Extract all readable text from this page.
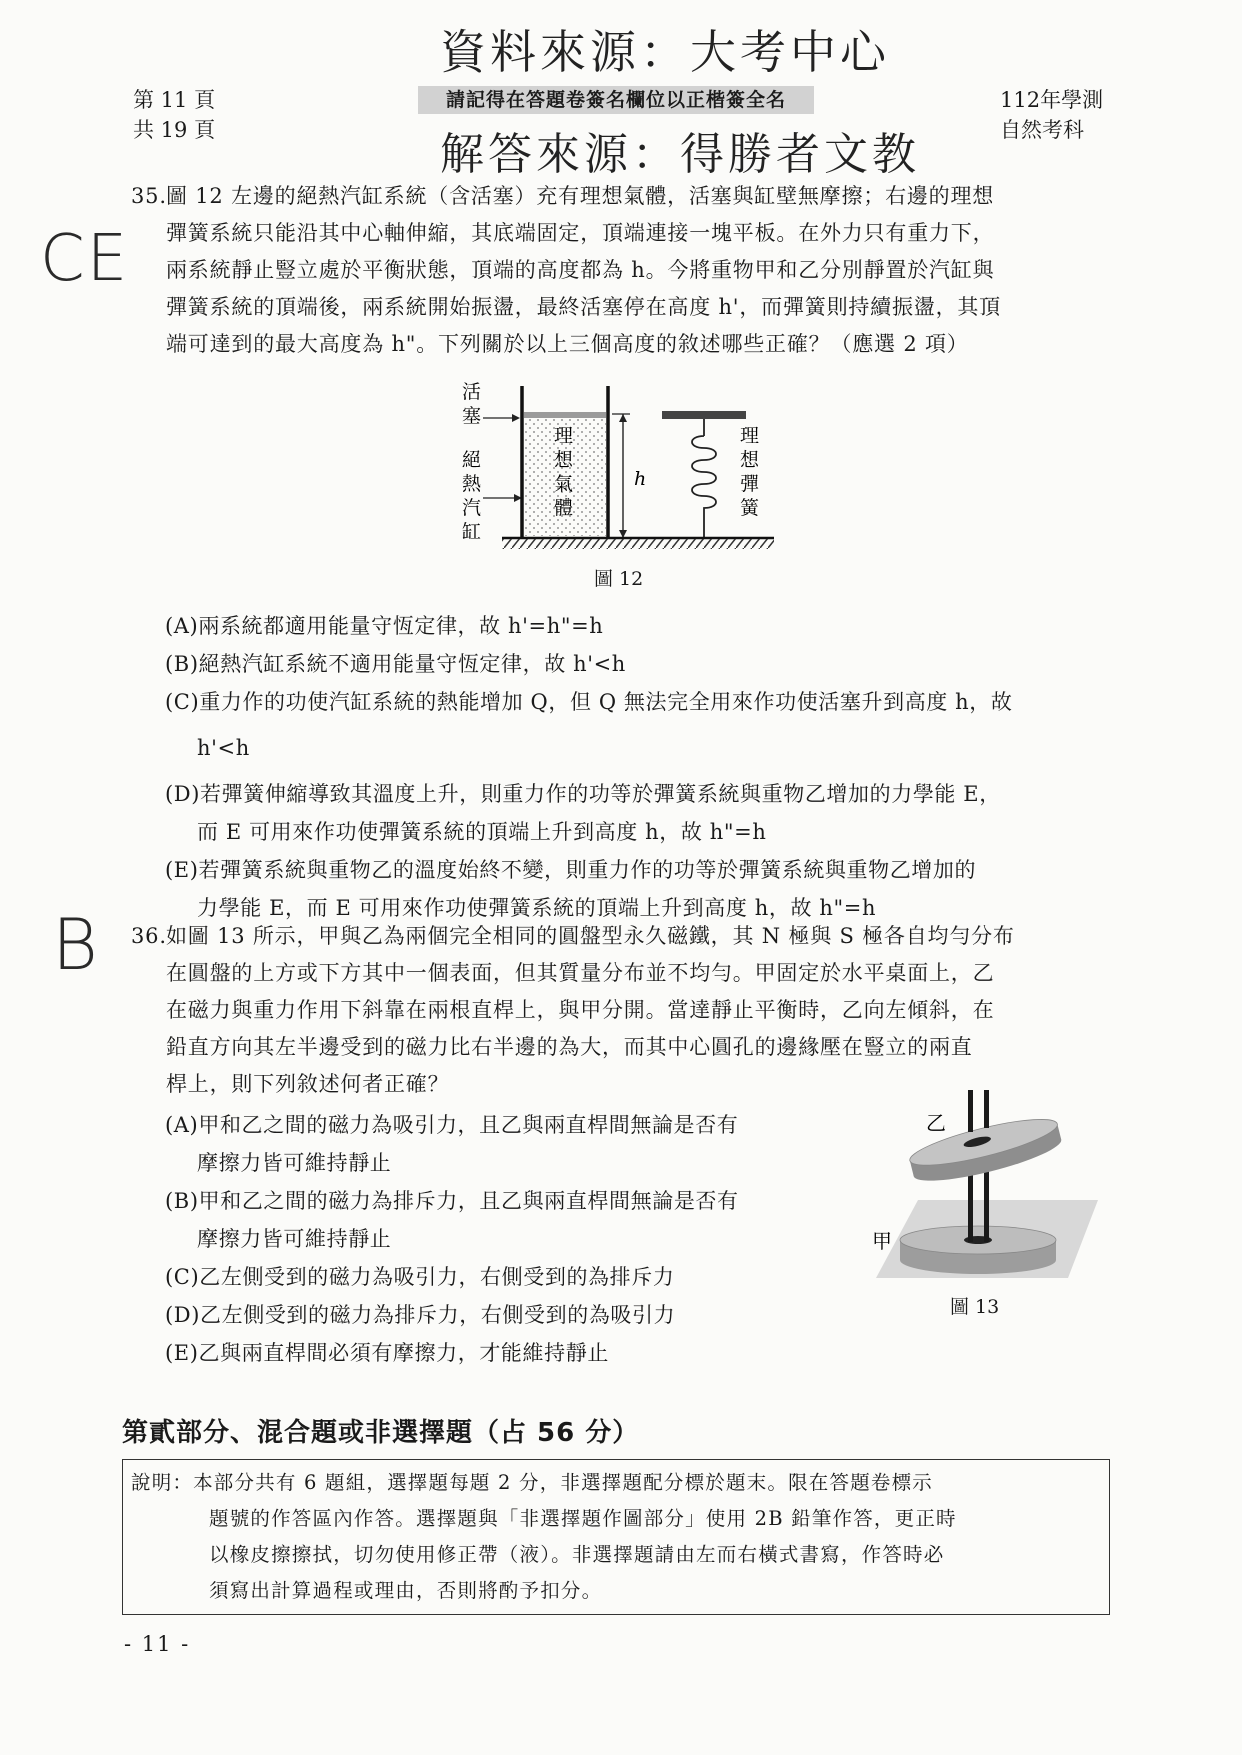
第 11 頁
共 19 頁
請記得在答題卷簽名欄位以正楷簽全名	112年學測
自然考科
資料來源：大考中心
解答來源：得勝者文教
CE
B
35. 圖 12 左邊的絕熱汽缸系統（含活塞）充有理想氣體，活塞與缸壁無摩擦；右邊的理想
彈簧系統只能沿其中心軸伸縮，其底端固定，頂端連接一塊平板。在外力只有重力下，
兩系統靜止豎立處於平衡狀態，頂端的高度都為 h。今將重物甲和乙分別靜置於汽缸與
彈簧系統的頂端後，兩系統開始振盪，最終活塞停在高度 h'，而彈簧則持續振盪，其頂
端可達到的最大高度為 h"。下列關於以上三個高度的敘述哪些正確？（應選 2 項）
活
塞
絕
熱
汽
缸
理
想
氣
體
h
理
想
彈
簧
圖 12
(A)兩系統都適用能量守恆定律，故 h'=h"=h
(B)絕熱汽缸系統不適用能量守恆定律，故 h'<h
(C)重力作的功使汽缸系統的熱能增加 Q，但 Q 無法完全用來作功使活塞升到高度 h，故
h'<h
(D)若彈簧伸縮導致其溫度上升，則重力作的功等於彈簧系統與重物乙增加的力學能 E，
而 E 可用來作功使彈簧系統的頂端上升到高度 h，故 h"=h
(E)若彈簧系統與重物乙的溫度始終不變，則重力作的功等於彈簧系統與重物乙增加的
力學能 E，而 E 可用來作功使彈簧系統的頂端上升到高度 h，故 h"=h
36. 如圖 13 所示，甲與乙為兩個完全相同的圓盤型永久磁鐵，其 N 極與 S 極各自均勻分布
在圓盤的上方或下方其中一個表面，但其質量分布並不均勻。甲固定於水平桌面上，乙
在磁力與重力作用下斜靠在兩根直桿上，與甲分開。當達靜止平衡時，乙向左傾斜，在
鉛直方向其左半邊受到的磁力比右半邊的為大，而其中心圓孔的邊緣壓在豎立的兩直
桿上，則下列敘述何者正確？
(A)甲和乙之間的磁力為吸引力，且乙與兩直桿間無論是否有
摩擦力皆可維持靜止
(B)甲和乙之間的磁力為排斥力，且乙與兩直桿間無論是否有
摩擦力皆可維持靜止
(C)乙左側受到的磁力為吸引力，右側受到的為排斥力
(D)乙左側受到的磁力為排斥力，右側受到的為吸引力
(E)乙與兩直桿間必須有摩擦力，才能維持靜止
乙
甲
圖 13
第貳部分、混合題或非選擇題（占 56 分）

說明：本部分共有 6 題組，選擇題每題 2 分，非選擇題配分標於題末。限在答題卷標示

題號的作答區內作答。選擇題與「非選擇題作圖部分」使用 2B 鉛筆作答，更正時

以橡皮擦擦拭，切勿使用修正帶（液）。非選擇題請由左而右橫式書寫，作答時必

須寫出計算過程或理由，否則將酌予扣分。

- 11 -
